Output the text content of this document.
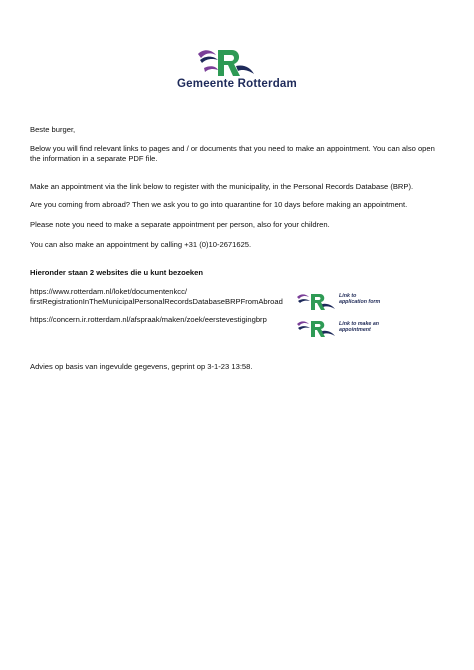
Gemeente Rotterdam
Beste burger,
Below you will find relevant links to pages and / or documents that you need to make an appointment. You can also open the information in a separate PDF file.
Make an appointment via the link below to register with the municipality, in the Personal Records Database (BRP).
Are you coming from abroad? Then we ask you to go into quarantine for 10 days before making an appointment.
Please note you need to make a separate appointment per person, also for your children.
You can also make an appointment by calling +31 (0)10-2671625.
Hieronder staan 2 websites die u kunt bezoeken
https://www.rotterdam.nl/loket/documentenkcc/
firstRegistrationInTheMunicipalPersonalRecordsDatabaseBRPFromAbroad
Link to
application form
https://concern.ir.rotterdam.nl/afspraak/maken/zoek/eerstevestigingbrp	Link to make an
appointment
Advies op basis van ingevulde gegevens, geprint op 3-1-23 13:58.
